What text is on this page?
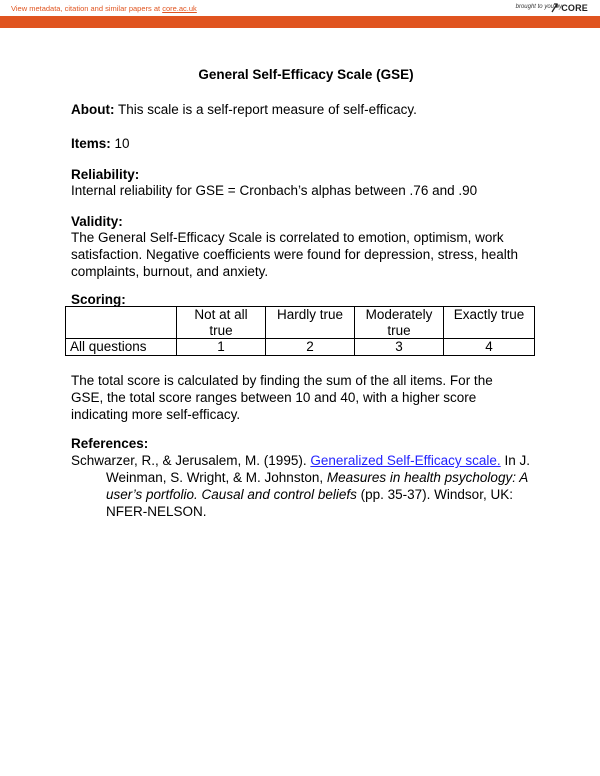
View metadata, citation and similar papers at core.ac.uk	brought to you by CORE
provided by National Documentation Centre on Drug Use
General Self-Efficacy Scale (GSE)
About: This scale is a self-report measure of self-efficacy.
Items: 10
Reliability:
Internal reliability for GSE = Cronbach’s alphas between .76 and .90
Validity:
The General Self-Efficacy Scale is correlated to emotion, optimism, work satisfaction. Negative coefficients were found for depression, stress, health complaints, burnout, and anxiety.
Scoring:
	Not at all true	Hardly true	Moderately true	Exactly true
All questions	1	2	3	4
The total score is calculated by finding the sum of the all items. For the GSE, the total score ranges between 10 and 40, with a higher score indicating more self-efficacy.
References:
Schwarzer, R., & Jerusalem, M. (1995). Generalized Self-Efficacy scale. In J. Weinman, S. Wright, & M. Johnston, Measures in health psychology: A user’s portfolio. Causal and control beliefs (pp. 35-37). Windsor, UK: NFER-NELSON.
